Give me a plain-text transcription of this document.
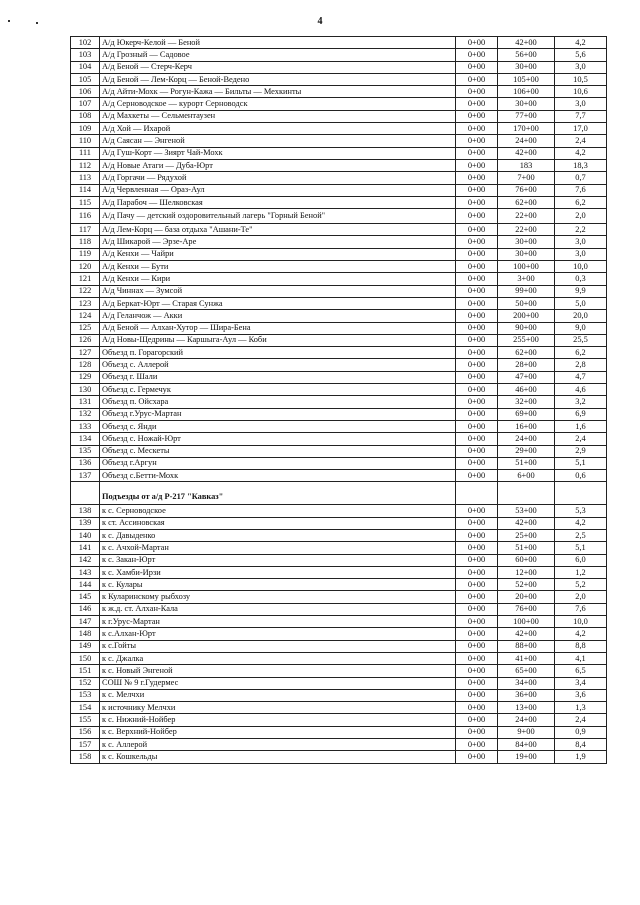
4
102	А/д Юкерч-Келой — Беной	0+00	42+00	4,2
103	А/д Грозный — Садовое	0+00	56+00	5,6
104	А/д Беной — Стерч-Керч	0+00	30+00	3,0
105	А/д Беной — Лем-Корц — Беной-Ведено	0+00	105+00	10,5
106	А/д Айти-Мохк — Рогун-Кажа — Бильты — Мехкинты	0+00	106+00	10,6
107	А/д Серноводское — курорт Серноводск	0+00	30+00	3,0
108	А/д Махкеты — Сельментаузен	0+00	77+00	7,7
109	А/д Хой — Ихарой	0+00	170+00	17,0
110	А/д Саясан — Энгеной	0+00	24+00	2,4
111	А/д Гуш-Корт — Зиярт Чай-Мохк	0+00	42+00	4,2
112	А/д Новые Атаги — Дуба-Юрт	0+00	183	18,3
113	А/д Горгачи — Рядухой	0+00	7+00	0,7
114	А/д Червленная — Ораз-Аул	0+00	76+00	7,6
115	А/д Парабоч — Шелковская	0+00	62+00	6,2
116	А/д Пачу — детский оздоровительный лагерь "Горный Беной"	0+00	22+00	2,0
117	А/д Лем-Корц — база отдыха "Ашани-Те"	0+00	22+00	2,2
118	А/д Шикарой — Эрзе-Аре	0+00	30+00	3,0
119	А/д Кенхи — Чайри	0+00	30+00	3,0
120	А/д Кенхи — Бути	0+00	100+00	10,0
121	А/д Кенхи — Кири	0+00	3+00	0,3
122	А/д Чиннах — Зумсой	0+00	99+00	9,9
123	А/д Беркат-Юрт — Старая Сунжа	0+00	50+00	5,0
124	А/д Геланчож — Акки	0+00	200+00	20,0
125	А/д Беной — Алхан-Хутор — Шира-Бена	0+00	90+00	9,0
126	А/д Новы-Щедрины — Каршыга-Аул — Коби	0+00	255+00	25,5
127	Объезд п. Горагорский	0+00	62+00	6,2
128	Объезд с. Аллерой	0+00	28+00	2,8
129	Объезд г. Шали	0+00	47+00	4,7
130	Объезд с. Гермечук	0+00	46+00	4,6
131	Объезд п. Ойсхара	0+00	32+00	3,2
132	Объезд г.Урус-Мартан	0+00	69+00	6,9
133	Объезд с. Янди	0+00	16+00	1,6
134	Объезд с. Ножай-Юрт	0+00	24+00	2,4
135	Объезд с. Мескеты	0+00	29+00	2,9
136	Объезд г.Аргун	0+00	51+00	5,1
137	Объезд с.Бетти-Мохк	0+00	6+00	0,6
	Подъезды от а/д Р-217 "Кавказ"			
138	к с. Серноводское	0+00	53+00	5,3
139	к ст. Ассиновская	0+00	42+00	4,2
140	к с. Давыденко	0+00	25+00	2,5
141	к с. Ачхой-Мартан	0+00	51+00	5,1
142	к с. Закан-Юрт	0+00	60+00	6,0
143	к с. Хамби-Ирзи	0+00	12+00	1,2
144	к с. Кулары	0+00	52+00	5,2
145	к Куларинскому рыбхозу	0+00	20+00	2,0
146	к ж.д. ст. Алхан-Кала	0+00	76+00	7,6
147	к г.Урус-Мартан	0+00	100+00	10,0
148	к с.Алхан-Юрт	0+00	42+00	4,2
149	к с.Гойты	0+00	88+00	8,8
150	к с. Джалка	0+00	41+00	4,1
151	к с. Новый Энгеной	0+00	65+00	6,5
152	СОШ № 9 г.Гудермес	0+00	34+00	3,4
153	к с. Мелчхи	0+00	36+00	3,6
154	к источнику Мелчхи	0+00	13+00	1,3
155	к с. Нижний-Нойбер	0+00	24+00	2,4
156	к с. Верхний-Нойбер	0+00	9+00	0,9
157	к с. Аллерой	0+00	84+00	8,4
158	к с. Кошкельды	0+00	19+00	1,9
